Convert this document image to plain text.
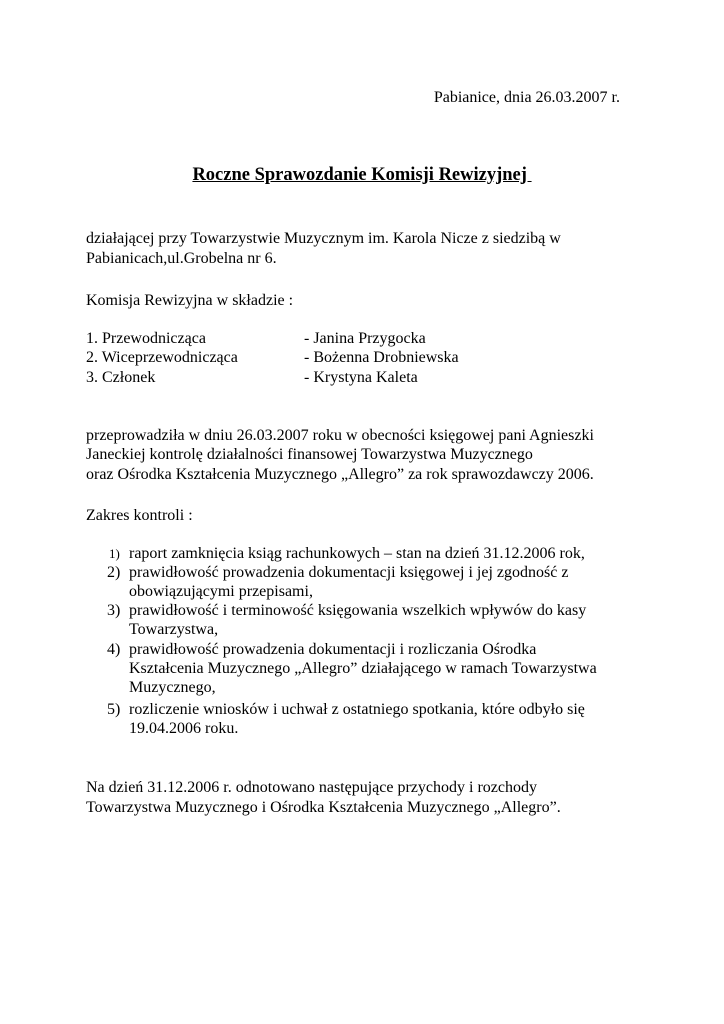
Pabianice, dnia 26.03.2007 r.
Roczne Sprawozdanie Komisji Rewizyjnej
działającej przy Towarzystwie Muzycznym im. Karola Nicze z siedzibą w
Pabianicach,ul.Grobelna nr 6.
Komisja Rewizyjna w składzie :
1. Przewodnicząca	- Janina Przygocka
2. Wiceprzewodnicząca	- Bożenna Drobniewska
3. Członek	- Krystyna Kaleta
przeprowadziła w dniu 26.03.2007 roku w obecności księgowej pani Agnieszki
Janeckiej kontrolę działalności finansowej Towarzystwa Muzycznego
oraz Ośrodka Kształcenia Muzycznego „Allegro” za rok sprawozdawczy 2006.
Zakres kontroli :
1) raport zamknięcia ksiąg rachunkowych – stan na dzień 31.12.2006 rok,
2) prawidłowość prowadzenia dokumentacji księgowej i jej zgodność z
obowiązującymi przepisami,
3) prawidłowość i terminowość księgowania wszelkich wpływów do kasy
Towarzystwa,
4) prawidłowość prowadzenia dokumentacji i rozliczania Ośrodka
Kształcenia Muzycznego „Allegro” działającego w ramach Towarzystwa
Muzycznego,
5) rozliczenie wniosków i uchwał z ostatniego spotkania, które odbyło się
19.04.2006 roku.
Na dzień 31.12.2006 r. odnotowano następujące przychody i rozchody
Towarzystwa Muzycznego i Ośrodka Kształcenia Muzycznego „Allegro”.
